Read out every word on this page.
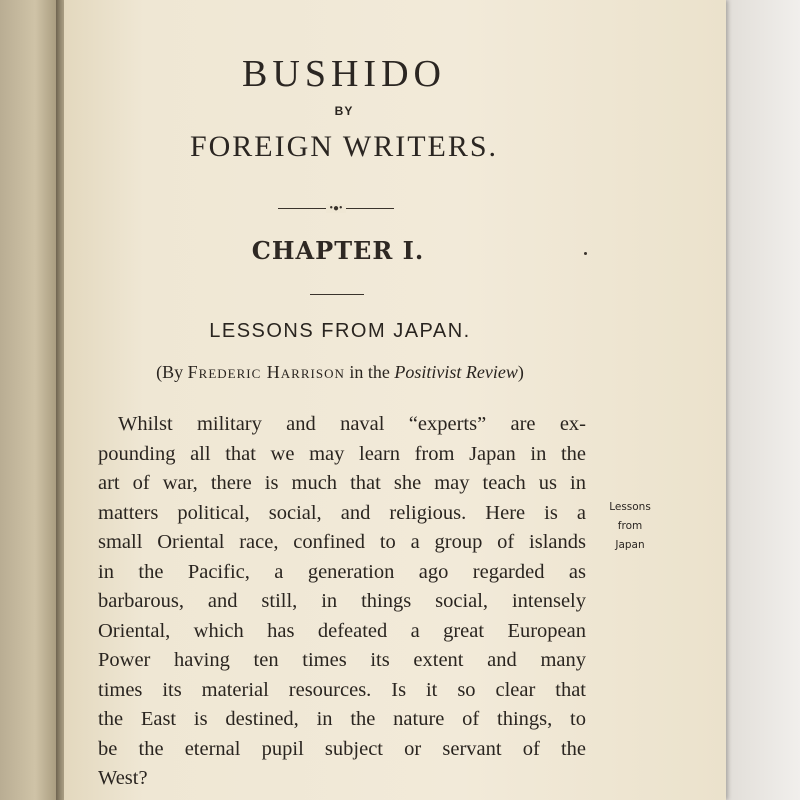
BUSHIDO
BY
FOREIGN WRITERS.
•●•
CHAPTER I.
LESSONS FROM JAPAN.
(By Frederic Harrison in the Positivist Review)
Whilst military and naval “experts” are ex-
pounding all that we may learn from Japan in the
art of war, there is much that she may teach us in
matters political, social, and religious. Here is a
small Oriental race, confined to a group of islands
in the Pacific, a generation ago regarded as
barbarous, and still, in things social, intensely
Oriental, which has defeated a great European
Power having ten times its extent and many
times its material resources. Is it so clear that
the East is destined, in the nature of things, to
be the eternal pupil subject or servant of the
West?
Lessons
from
Japan
